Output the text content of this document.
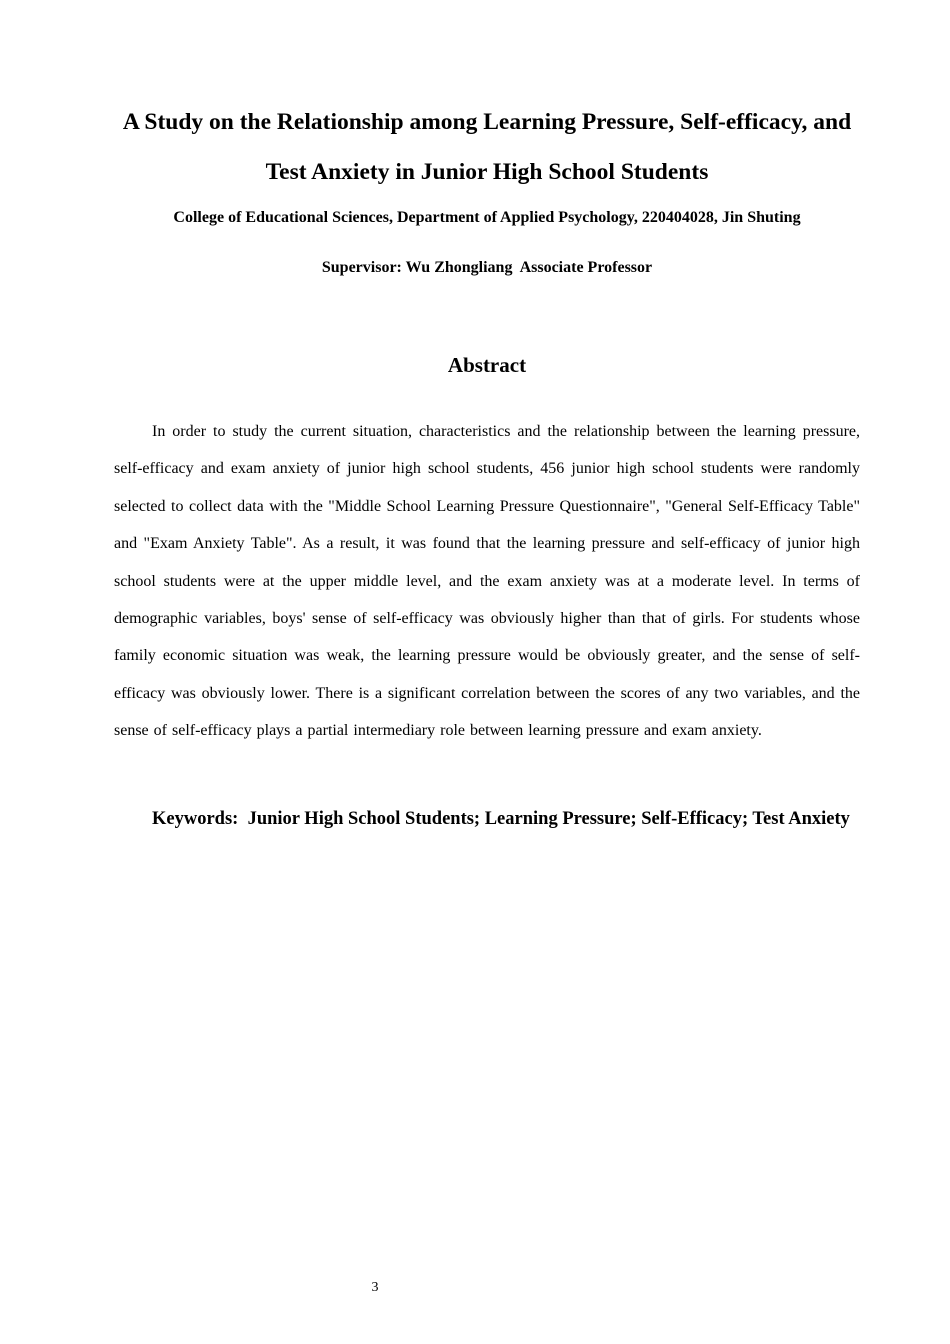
A Study on the Relationship among Learning Pressure, Self-efficacy, and Test Anxiety in Junior High School Students
College of Educational Sciences, Department of Applied Psychology, 220404028, Jin Shuting
Supervisor: Wu Zhongliang  Associate Professor
Abstract

In order to study the current situation, characteristics and the relationship between the learning pressure, self-efficacy and exam anxiety of junior high school students, 456 junior high school students were randomly selected to collect data with the "Middle School Learning Pressure Questionnaire", "General Self-Efficacy Table" and "Exam Anxiety Table". As a result, it was found that the learning pressure and self-efficacy of junior high school students were at the upper middle level, and the exam anxiety was at a moderate level. In terms of demographic variables, boys' sense of self-efficacy was obviously higher than that of girls. For students whose family economic situation was weak, the learning pressure would be obviously greater, and the sense of self-efficacy was obviously lower. There is a significant correlation between the scores of any two variables, and the sense of self-efficacy plays a partial intermediary role between learning pressure and exam anxiety.

Keywords:  Junior High School Students; Learning Pressure; Self-Efficacy; Test Anxiety

3
